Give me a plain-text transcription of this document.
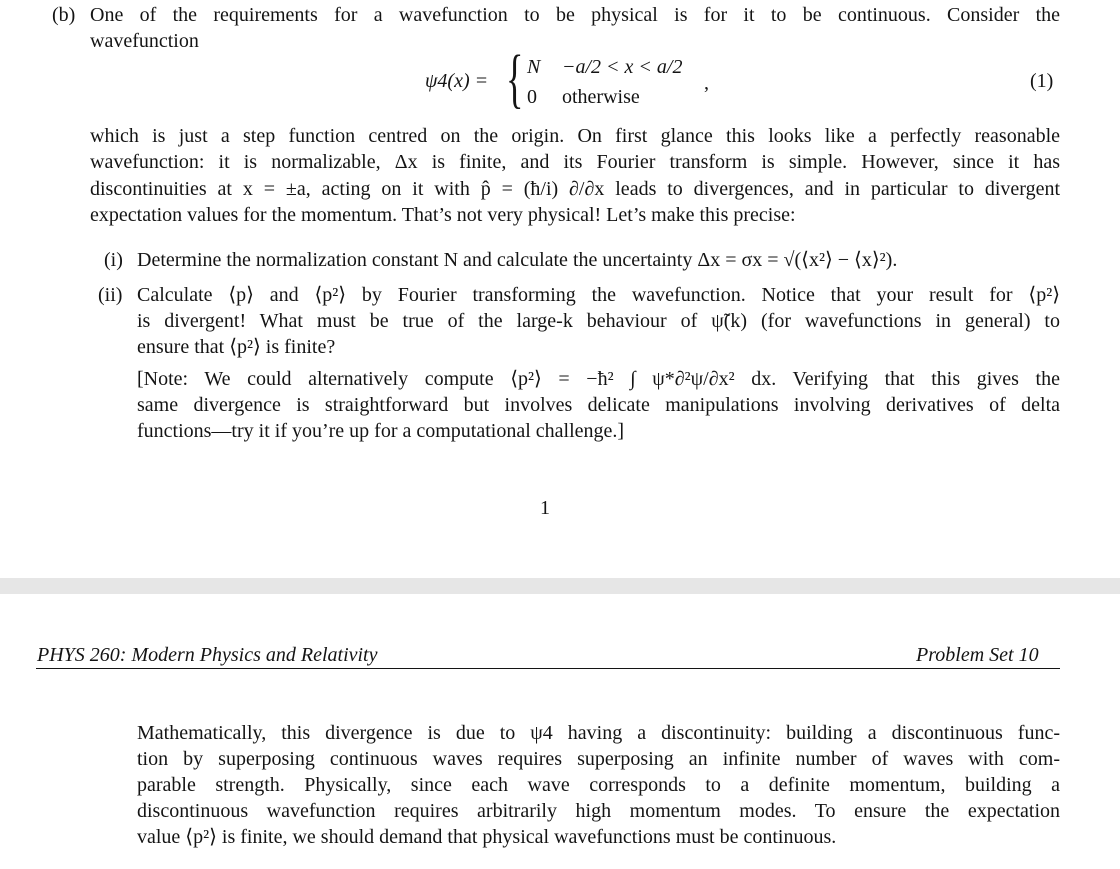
(b) One of the requirements for a wavefunction to be physical is for it to be continuous. Consider the
wavefunction
ψ4(x) = { N −a/2 < x < a/2
0 otherwise
,	(1)
which is just a step function centred on the origin. On first glance this looks like a perfectly reasonable
wavefunction: it is normalizable, Δx is finite, and its Fourier transform is simple. However, since it has
discontinuities at x = ±a, acting on it with p̂ = (ħ/i) ∂/∂x leads to divergences, and in particular to divergent
expectation values for the momentum. That’s not very physical! Let’s make this precise:
(i) Determine the normalization constant N and calculate the uncertainty Δx = σx = √(⟨x²⟩ − ⟨x⟩²).
(ii) Calculate ⟨p⟩ and ⟨p²⟩ by Fourier transforming the wavefunction. Notice that your result for ⟨p²⟩
is divergent! What must be true of the large-k behaviour of ψ̃(k) (for wavefunctions in general) to
ensure that ⟨p²⟩ is finite?
[Note: We could alternatively compute ⟨p²⟩ = −ħ² ∫ ψ*∂²ψ/∂x² dx. Verifying that this gives the
same divergence is straightforward but involves delicate manipulations involving derivatives of delta
functions—try it if you’re up for a computational challenge.]
1
PHYS 260: Modern Physics and Relativity	Problem Set 10
Mathematically, this divergence is due to ψ4 having a discontinuity: building a discontinuous func-
tion by superposing continuous waves requires superposing an infinite number of waves with com-
parable strength. Physically, since each wave corresponds to a definite momentum, building a
discontinuous wavefunction requires arbitrarily high momentum modes. To ensure the expectation
value ⟨p²⟩ is finite, we should demand that physical wavefunctions must be continuous.
